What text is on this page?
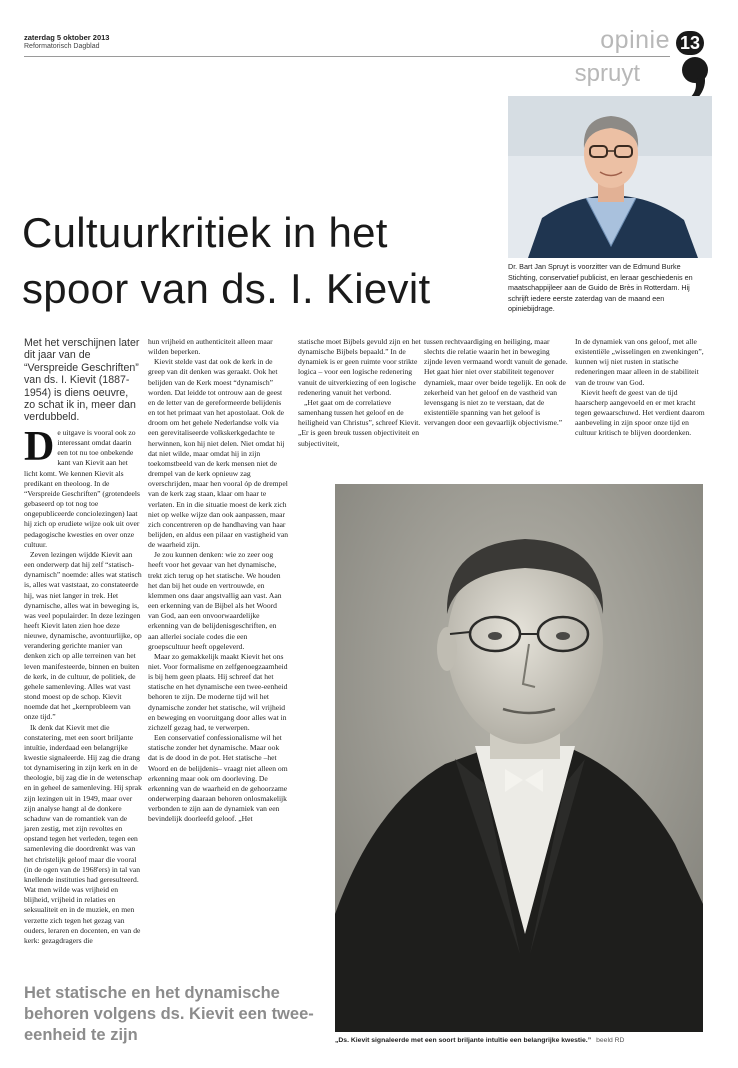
zaterdag 5 oktober 2013
Reformatorisch Dagblad	opinie
spruyt
13
Dr. Bart Jan Spruyt is voorzitter van de Edmund Burke Stichting, conservatief publicist, en leraar geschiedenis en maatschappijleer aan de Guido de Brès in Rotterdam. Hij schrijft iedere eerste zaterdag van de maand een opiniebijdrage.
Cultuurkritiek in het
spoor van ds. I. Kievit
Met het verschijnen later dit jaar van de “Verspreide Geschriften” van ds. I. Kievit (1887-1954) is diens oeuvre, zo schat ik in, meer dan verdubbeld.

De uitgave is vooral ook zo interessant omdat daarin een tot nu toe onbekende kant van Kievit aan het licht komt. We kennen Kievit als predikant en theoloog. In de “Verspreide Geschriften” (grotendeels gebaseerd op tot nog toe ongepubliceerde conciolezingen) laat hij zich op erudiete wijze ook uit over pedagogische kwesties en over onze cultuur.

Zeven lezingen wijdde Kievit aan een onderwerp dat hij zelf “statisch-dynamisch” noemde: alles wat statisch is, alles wat vaststaat, zo constateerde hij, was niet langer in trek. Het dynamische, alles wat in beweging is, was veel populairder. In deze lezingen heeft Kievit laten zien hoe deze nieuwe, dynamische, avontuurlijke, op verandering gerichte manier van denken zich op alle terreinen van het leven manifesteerde, binnen en buiten de kerk, in de cultuur, de politiek, de gehele samenleving. Alles wat vast stond moest op de schop. Kievit noemde dat het „kernprobleem van onze tijd.”

Ik denk dat Kievit met die constatering, met een soort briljante intuïtie, inderdaad een belangrijke kwestie signaleerde. Hij zag die drang tot dynamisering in zijn kerk en in de theologie, bij zag die in de wetenschap en in geheel de samenleving. Hij sprak zijn lezingen uit in 1949, maar over zijn analyse hangt al de donkere schaduw van de romantiek van de jaren zestig, met zijn revoltes en opstand tegen het verleden, tegen een samenleving die doordrenkt was van het christelijk geloof maar die vooral (in de ogen van de 1968'ers) in tal van knellende instituties had geresulteerd. Wat men wilde was vrijheid en blijheid, vrijheid in relaties en seksualiteit en in de muziek, en men verzette zich tegen het gezag van ouders, leraren en docenten, en van de kerk: gezagdragers die

hun vrijheid en authenticiteit alleen maar wilden beperken.

Kievit stelde vast dat ook de kerk in de greep van dit denken was geraakt. Ook het belijden van de Kerk moest “dynamisch” worden. Dat leidde tot ontrouw aan de geest en de letter van de gereformeerde belijdenis en tot het primaat van het apostolaat. Ook de droom om het gehele Nederlandse volk via een gerevitaliseerde volkskerkgedachte te herwinnen, kon hij niet delen. Niet omdat hij dat niet wilde, maar omdat hij in zijn toekomstbeeld van de kerk mensen niet de drempel van de kerk opnieuw zag overschrijden, maar hen vooral óp de drempel van de kerk zag staan, klaar om haar te verlaten. En in die situatie moest de kerk zich niet op welke wijze dan ook aanpassen, maar zich concentreren op de handhaving van haar belijden, en aldus een pilaar en vastigheid van de waarheid zijn.

Je zou kunnen denken: wie zo zeer oog heeft voor het gevaar van het dynamische, trekt zich terug op het statische. We houden het dan bij het oude en vertrouwde, en klemmen ons daar angstvallig aan vast. Aan een erkenning van de Bijbel als het Woord van God, aan een onvoorwaardelijke erkenning van de belijdenisgeschriften, en aan allerlei sociale codes die een groepscultuur heeft opgeleverd.

Maar zo gemakkelijk maakt Kievit het ons niet. Voor formalisme en zelfgenoegzaamheid is bij hem geen plaats. Hij schreef dat het statische en het dynamische een twee-eenheid behoren te zijn. De moderne tijd wil het dynamische zonder het statische, wil vrijheid en beweging en vooruitgang door alles wat in zichzelf gezag had, te verwerpen.

Een conservatief confessionalisme wil het statische zonder het dynamische. Maar ook dat is de dood in de pot. Het statische –het Woord en de belijdenis– vraagt niet alleen om erkenning maar ook om doorleving. De erkenning van de waarheid en de gehoorzame onderwerping daaraan behoren onlosmakelijk verbonden te zijn aan de dynamiek van een bevindelijk doorleefd geloof. „Het

statische moet Bijbels gevuld zijn en het dynamische Bijbels bepaald.” In de dynamiek is er geen ruimte voor strikte logica – voor een logische redenering vanuit de uitverkiezing of een logische redenering vanuit het verbond.

„Het gaat om de correlatieve samenhang tussen het geloof en de heiligheid van Christus”, schreef Kievit. „Er is geen breuk tussen objectiviteit en subjectiviteit,

tussen rechtvaardiging en heiliging, maar slechts die relatie waarin het in beweging zijnde leven vermaand wordt vanuit de genade. Het gaat hier niet over stabiliteit tegenover dynamiek, maar over beide tegelijk. En ook de zekerheid van het geloof en de vastheid van levensgang is niet zo te verstaan, dat de existentiële spanning van het geloof is vervangen door een gevaarlijk objectivisme.”

In de dynamiek van ons geloof, met alle existentiële „wisselingen en zwenkingen”, kunnen wij niet rusten in statische redeneringen maar alleen in de stabiliteit van de trouw van God.

Kievit heeft de geest van de tijd haarscherp aangevoeld en er met kracht tegen gewaarschuwd. Het verdient daarom aanbeveling in zijn spoor onze tijd en cultuur kritisch te blijven doordenken.

Het statische en het dynamische behoren volgens ds. Kievit een twee-eenheid te zijn	„Ds. Kievit signaleerde met een soort briljante intuïtie een belangrijke kwestie.” beeld RD
